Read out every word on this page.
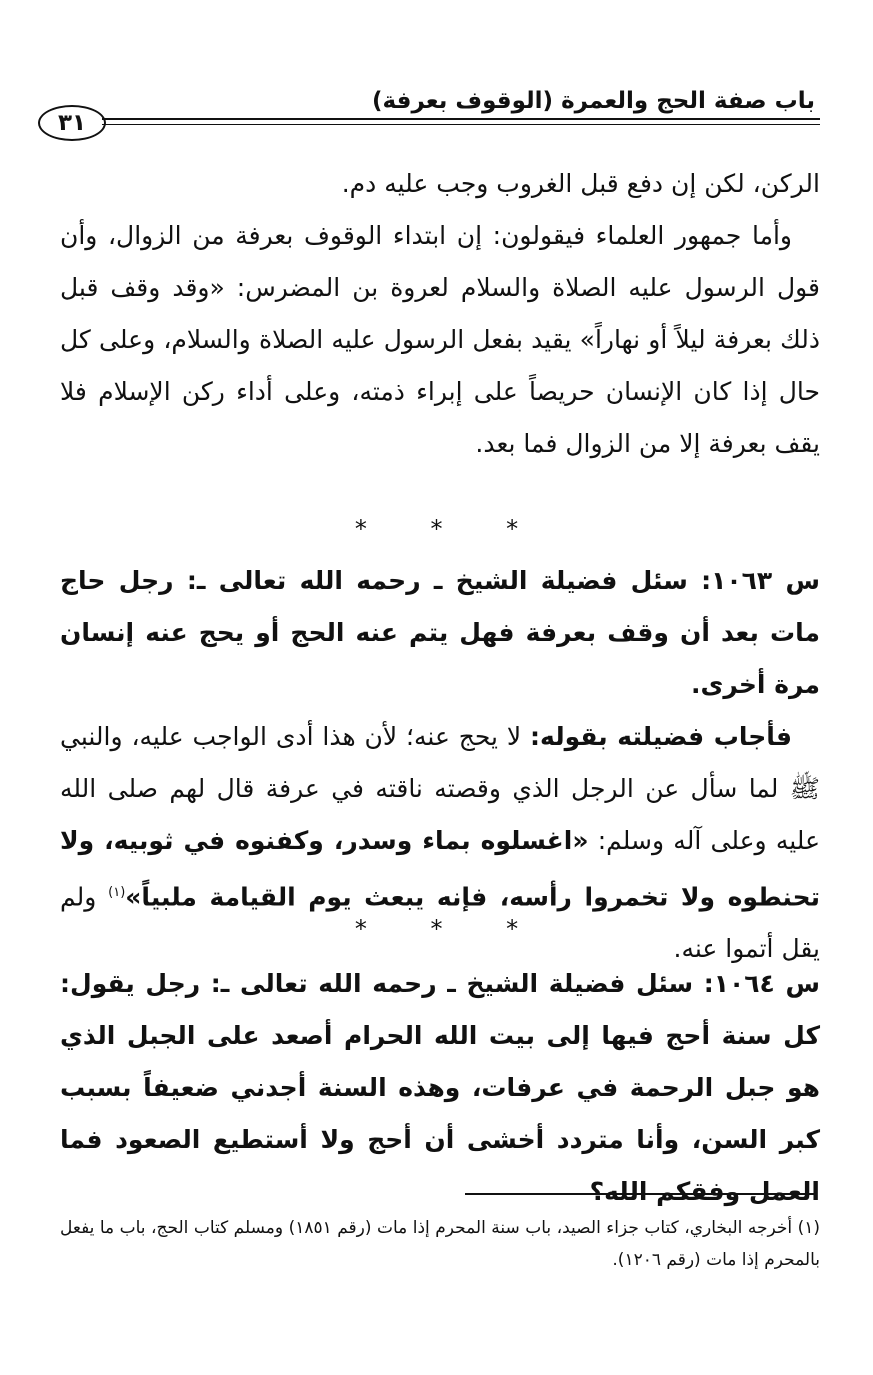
باب صفة الحج والعمرة (الوقوف بعرفة)
٣١

الركن، لكن إن دفع قبل الغروب وجب عليه دم.

وأما جمهور العلماء فيقولون: إن ابتداء الوقوف بعرفة من الزوال، وأن قول الرسول عليه الصلاة والسلام لعروة بن المضرس: «وقد وقف قبل ذلك بعرفة ليلاً أو نهاراً» يقيد بفعل الرسول عليه الصلاة والسلام، وعلى كل حال إذا كان الإنسان حريصاً على إبراء ذمته، وعلى أداء ركن الإسلام فلا يقف بعرفة إلا من الزوال فما بعد.

* * *

س ١٠٦٣: سئل فضيلة الشيخ ـ رحمه الله تعالى ـ: رجل حاج مات بعد أن وقف بعرفة فهل يتم عنه الحج أو يحج عنه إنسان مرة أخرى.

فأجاب فضيلته بقوله: لا يحج عنه؛ لأن هذا أدى الواجب عليه، والنبي ﷺ لما سأل عن الرجل الذي وقصته ناقته في عرفة قال لهم صلى الله عليه وعلى آله وسلم: «اغسلوه بماء وسدر، وكفنوه في ثوبيه، ولا تحنطوه ولا تخمروا رأسه، فإنه يبعث يوم القيامة ملبياً»$^{(١)}$ ولم يقل أتموا عنه.

* * *

س ١٠٦٤: سئل فضيلة الشيخ ـ رحمه الله تعالى ـ: رجل يقول: كل سنة أحج فيها إلى بيت الله الحرام أصعد على الجبل الذي هو جبل الرحمة في عرفات، وهذه السنة أجدني ضعيفاً بسبب كبر السن، وأنا متردد أخشى أن أحج ولا أستطيع الصعود فما العمل وفقكم الله؟

(١) أخرجه البخاري، كتاب جزاء الصيد، باب سنة المحرم إذا مات (رقم ١٨٥١) ومسلم كتاب الحج، باب ما يفعل بالمحرم إذا مات (رقم ١٢٠٦).
